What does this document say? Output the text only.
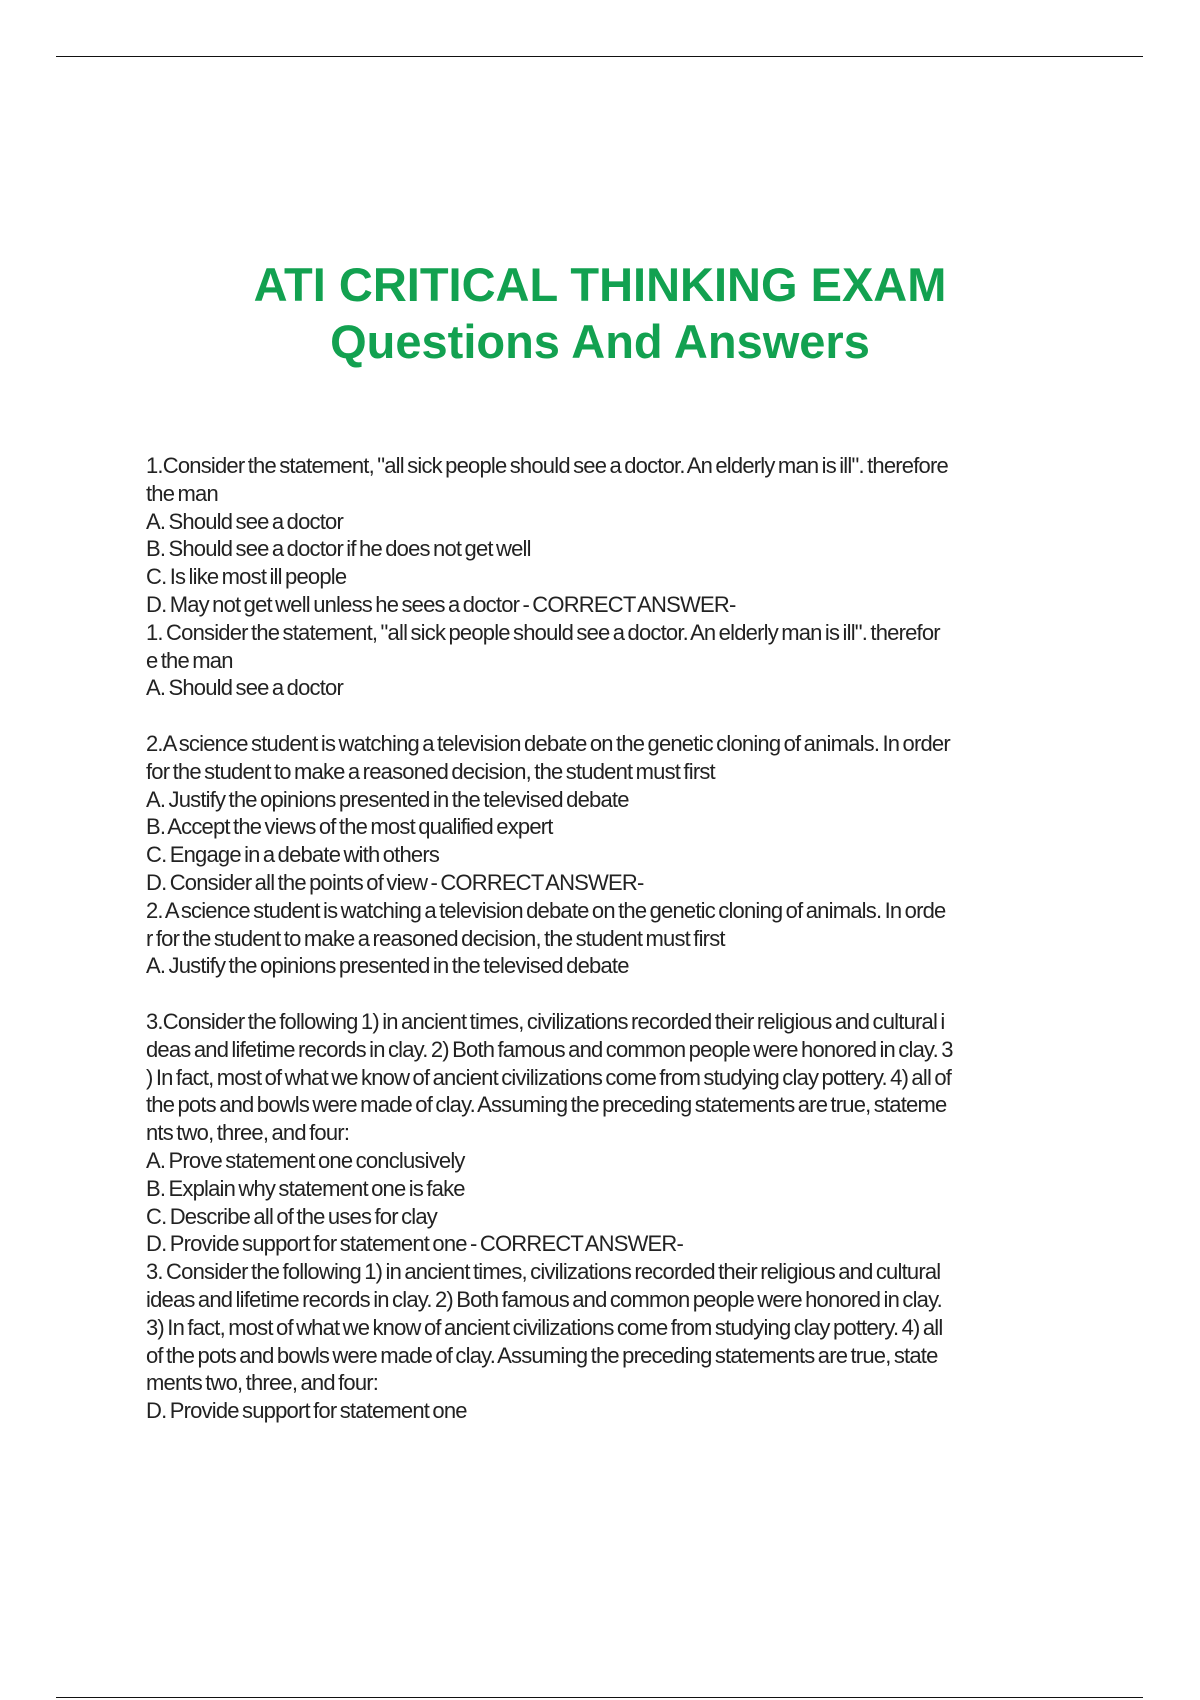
ATI CRITICAL THINKING EXAM
Questions And Answers
1.Consider the statement, "all sick people should see a doctor. An elderly man is ill". therefore
the man
A. Should see a doctor
B. Should see a doctor if he does not get well
C. Is like most ill people
D. May not get well unless he sees a doctor - CORRECT ANSWER-
1. Consider the statement, "all sick people should see a doctor. An elderly man is ill". therefor
e the man
A. Should see a doctor
2.A science student is watching a television debate on the genetic cloning of animals. In order
for the student to make a reasoned decision, the student must first
A. Justify the opinions presented in the televised debate
B. Accept the views of the most qualified expert
C. Engage in a debate with others
D. Consider all the points of view - CORRECT ANSWER-
2. A science student is watching a television debate on the genetic cloning of animals. In orde
r for the student to make a reasoned decision, the student must first
A. Justify the opinions presented in the televised debate
3.Consider the following 1) in ancient times, civilizations recorded their religious and cultural i
deas and lifetime records in clay. 2) Both famous and common people were honored in clay. 3
) In fact, most of what we know of ancient civilizations come from studying clay pottery. 4) all of
the pots and bowls were made of clay. Assuming the preceding statements are true, stateme
nts two, three, and four:
A. Prove statement one conclusively
B. Explain why statement one is fake
C. Describe all of the uses for clay
D. Provide support for statement one - CORRECT ANSWER-
3. Consider the following 1) in ancient times, civilizations recorded their religious and cultural
ideas and lifetime records in clay. 2) Both famous and common people were honored in clay.
3) In fact, most of what we know of ancient civilizations come from studying clay pottery. 4) all
of the pots and bowls were made of clay. Assuming the preceding statements are true, state
ments two, three, and four:
D. Provide support for statement one
